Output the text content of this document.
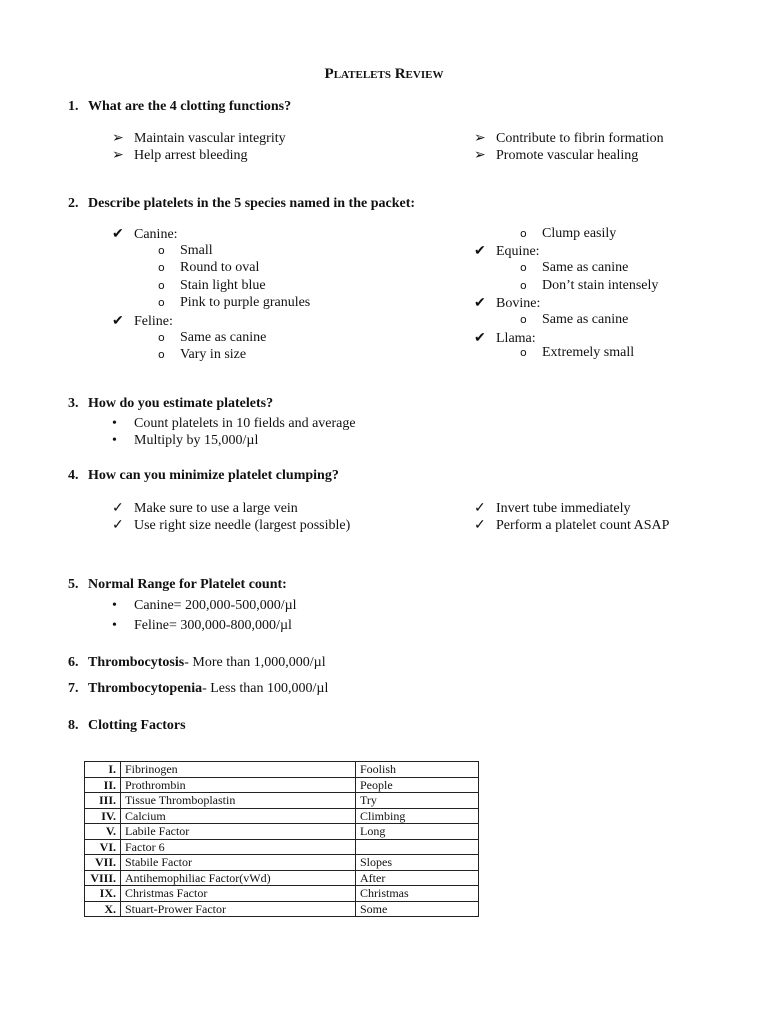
Platelets Review
1. What are the 4 clotting functions?
➢ Maintain vascular integrity
➢ Help arrest bleeding
➢ Contribute to fibrin formation
➢ Promote vascular healing
2. Describe platelets in the 5 species named in the packet:
✔ Canine:
o Small
o Round to oval
o Stain light blue
o Pink to purple granules
✔ Feline:
o Same as canine
o Vary in size
o Clump easily
✔ Equine:
o Same as canine
o Don’t stain intensely
✔ Bovine:
o Same as canine
✔ Llama:
o Extremely small
3. How do you estimate platelets?
• Count platelets in 10 fields and average
• Multiply by 15,000/µl
4. How can you minimize platelet clumping?
✓ Make sure to use a large vein
✓ Use right size needle (largest possible)
✓ Invert tube immediately
✓ Perform a platelet count ASAP
5. Normal Range for Platelet count:
• Canine= 200,000-500,000/µl
• Feline= 300,000-800,000/µl
6. Thrombocytosis- More than 1,000,000/µl
7. Thrombocytopenia- Less than 100,000/µl
8. Clotting Factors
I.	Fibrinogen	Foolish
II.	Prothrombin	People
III.	Tissue Thromboplastin	Try
IV.	Calcium	Climbing
V.	Labile Factor	Long
VI.	Factor 6	
VII.	Stabile Factor	Slopes
VIII.	Antihemophiliac Factor(vWd)	After
IX.	Christmas Factor	Christmas
X.	Stuart-Prower Factor	Some
